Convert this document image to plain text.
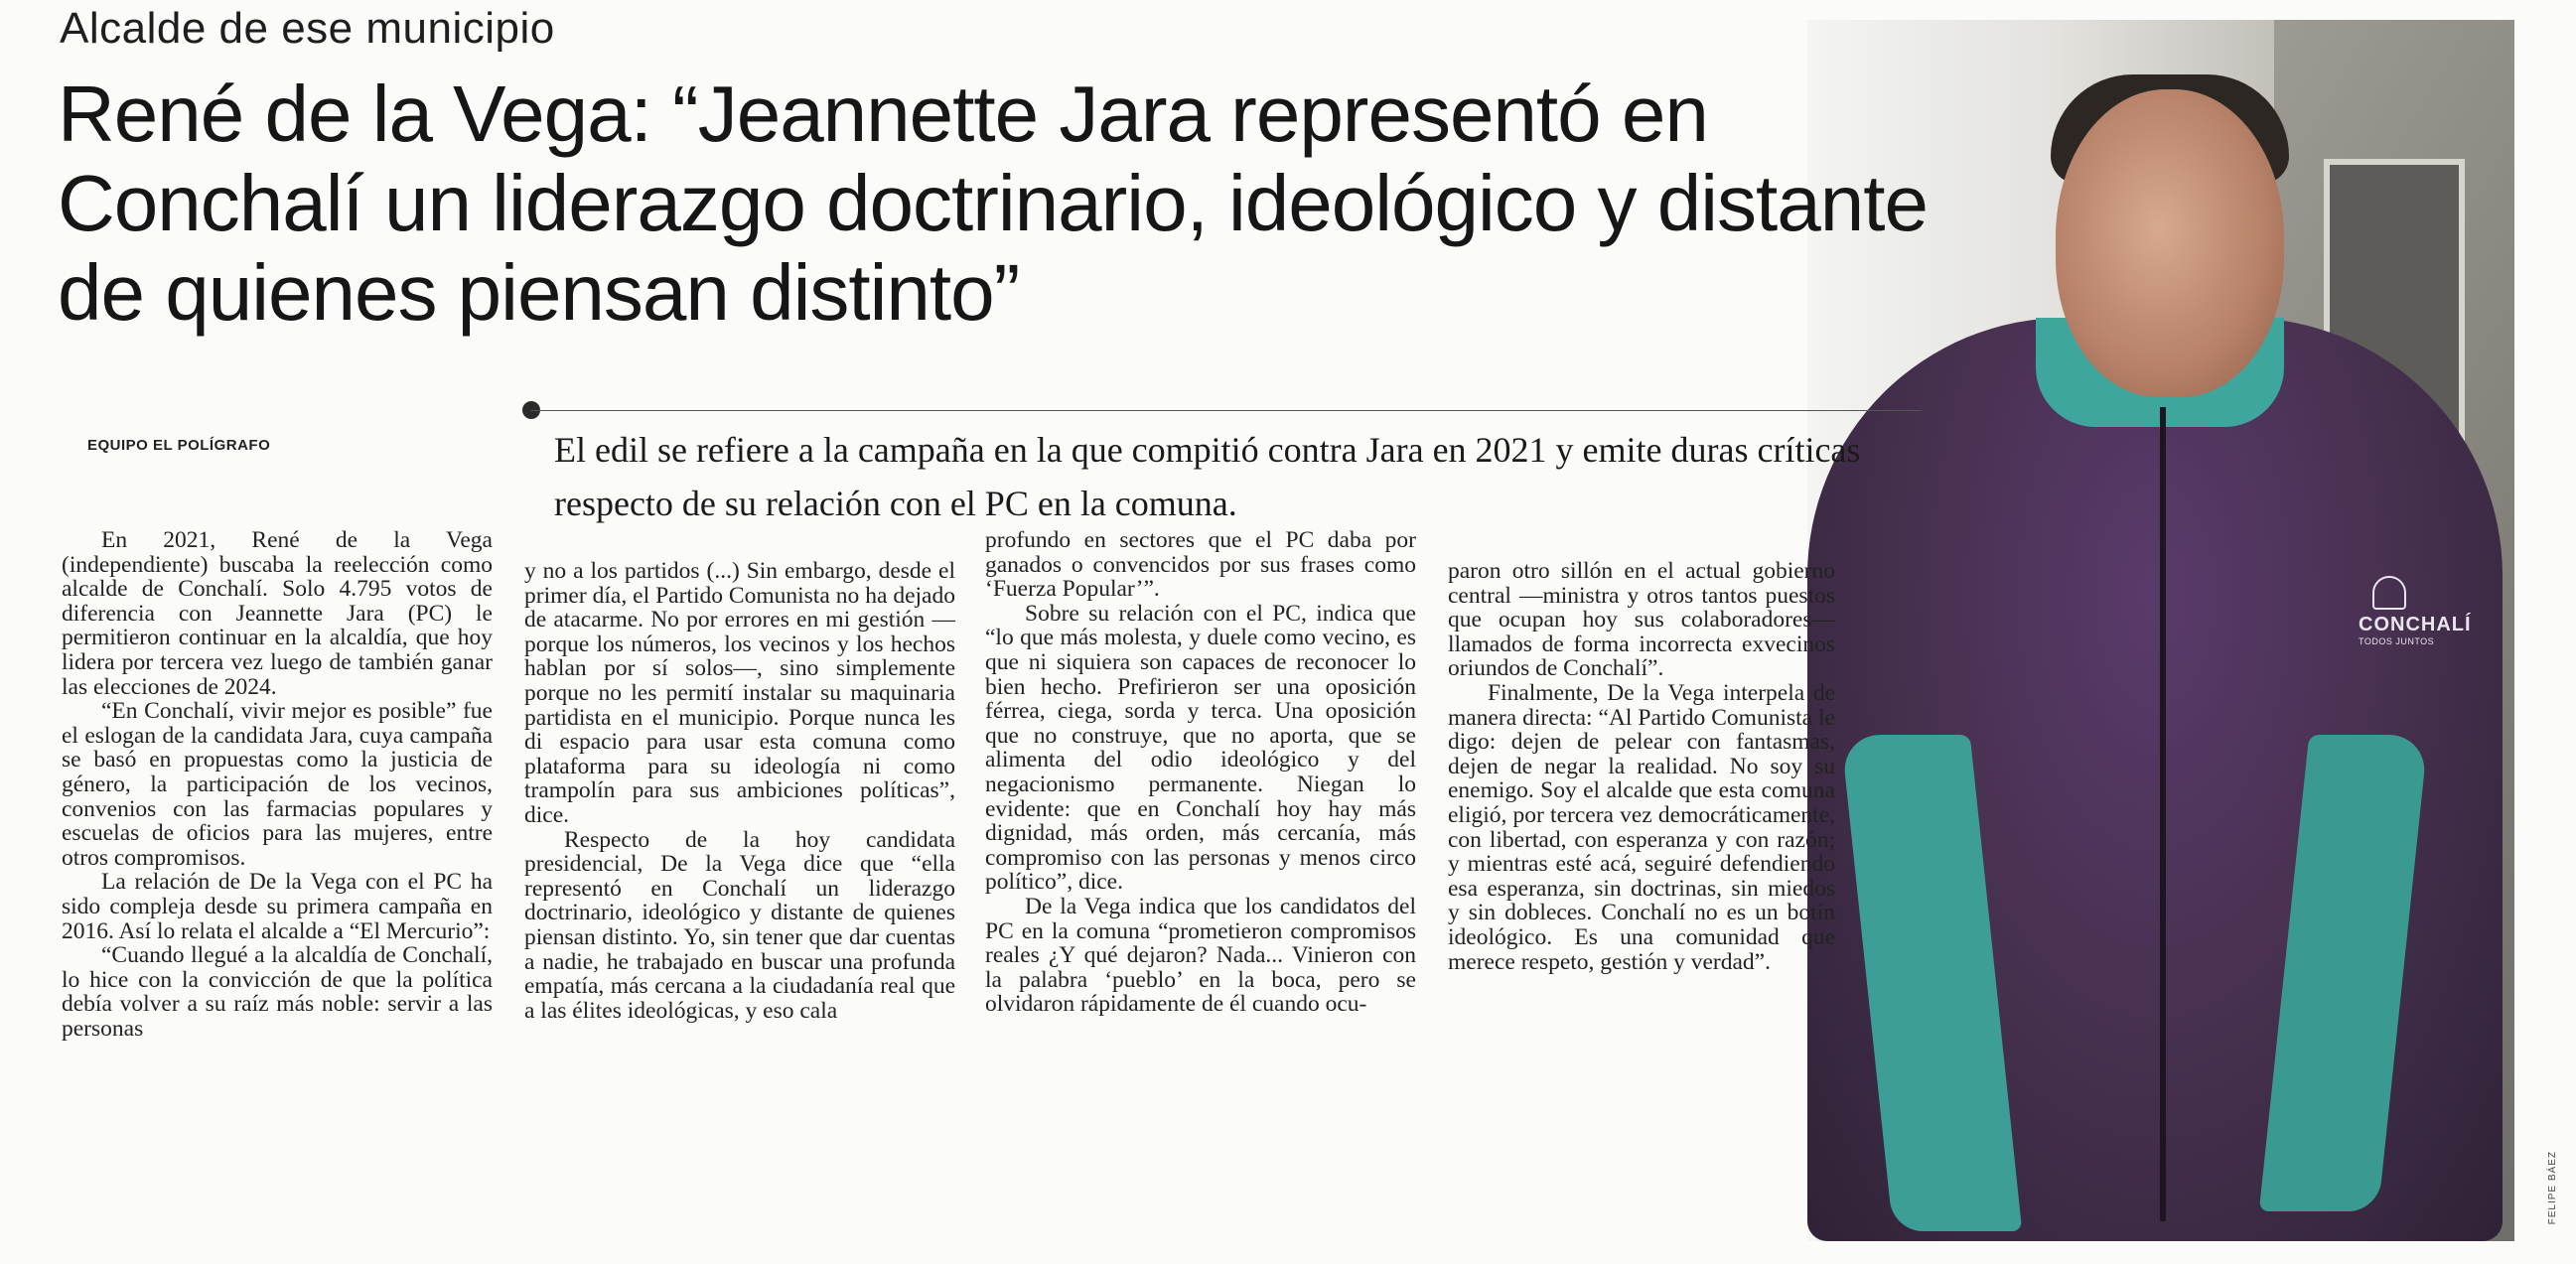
CONCHALÍ
TODOS JUNTOS
FELIPE BÁEZ
Alcalde de ese municipio
René de la Vega: “Jeannette Jara representó en Conchalí un liderazgo doctrinario, ideológico y distante de quienes piensan distinto”
EQUIPO EL POLÍGRAFO	El edil se refiere a la campaña en la que compitió contra Jara en 2021 y emite duras críticas respecto de su relación con el PC en la comuna.

En 2021, René de la Vega (independiente) buscaba la reelección como alcalde de Conchalí. Solo 4.795 votos de diferencia con Jeannette Jara (PC) le permitieron continuar en la alcaldía, que hoy lidera por tercera vez luego de también ganar las elecciones de 2024.

“En Conchalí, vivir mejor es posible” fue el eslogan de la candidata Jara, cuya campaña se basó en propuestas como la justicia de género, la participación de los vecinos, convenios con las farmacias populares y escuelas de oficios para las mujeres, entre otros compromisos.

La relación de De la Vega con el PC ha sido compleja desde su primera campaña en 2016. Así lo relata el alcalde a “El Mercurio”:

“Cuando llegué a la alcaldía de Conchalí, lo hice con la convicción de que la política debía volver a su raíz más noble: servir a las personas

y no a los partidos (...) Sin embargo, desde el primer día, el Partido Comunista no ha dejado de atacarme. No por errores en mi gestión —porque los números, los vecinos y los hechos hablan por sí solos—, sino simplemente porque no les permití instalar su maquinaria partidista en el municipio. Porque nunca les di espacio para usar esta comuna como plataforma para su ideología ni como trampolín para sus ambiciones políticas”, dice.

Respecto de la hoy candidata presidencial, De la Vega dice que “ella representó en Conchalí un liderazgo doctrinario, ideológico y distante de quienes piensan distinto. Yo, sin tener que dar cuentas a nadie, he trabajado en buscar una profunda empatía, más cercana a la ciudadanía real que a las élites ideológicas, y eso cala

profundo en sectores que el PC daba por ganados o convencidos por sus frases como ‘Fuerza Popular’”.

Sobre su relación con el PC, indica que “lo que más molesta, y duele como vecino, es que ni siquiera son capaces de reconocer lo bien hecho. Prefirieron ser una oposición férrea, ciega, sorda y terca. Una oposición que no construye, que no aporta, que se alimenta del odio ideológico y del negacionismo permanente. Niegan lo evidente: que en Conchalí hoy hay más dignidad, más orden, más cercanía, más compromiso con las personas y menos circo político”, dice.

De la Vega indica que los candidatos del PC en la comuna “prometieron compromisos reales ¿Y qué dejaron? Nada... Vinieron con la palabra ‘pueblo’ en la boca, pero se olvidaron rápidamente de él cuando ocu-

paron otro sillón en el actual gobierno central —ministra y otros tantos puestos que ocupan hoy sus colaboradores— llamados de forma incorrecta exvecinos oriundos de Conchalí”.

Finalmente, De la Vega interpela de manera directa: “Al Partido Comunista le digo: dejen de pelear con fantasmas, dejen de negar la realidad. No soy su enemigo. Soy el alcalde que esta comuna eligió, por tercera vez democráticamente, con libertad, con esperanza y con razón; y mientras esté acá, seguiré defendiendo esa esperanza, sin doctrinas, sin miedos y sin dobleces. Conchalí no es un botín ideológico. Es una comunidad que merece respeto, gestión y verdad”.
